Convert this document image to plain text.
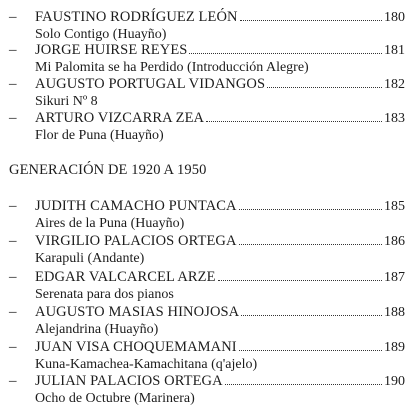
– FAUSTINO RODRÍGUEZ LEÓN	180
Solo Contigo (Huayño)
– JORGE HUIRSE REYES	181
Mi Palomita se ha Perdido (Introducción Alegre)
– AUGUSTO PORTUGAL VIDANGOS	182
Sikuri Nº 8
– ARTURO VIZCARRA ZEA	183
Flor de Puna (Huayño)
GENERACIÓN DE 1920 A 1950
– JUDITH CAMACHO PUNTACA	185
Aires de la Puna (Huayño)
– VIRGILIO PALACIOS ORTEGA	186
Karapuli (Andante)
– EDGAR VALCARCEL ARZE	187
Serenata para dos pianos
– AUGUSTO MASIAS HINOJOSA	188
Alejandrina (Huayño)
– JUAN VISA CHOQUEMAMANI	189
Kuna-Kamachea-Kamachitana (q'ajelo)
– JULIAN PALACIOS ORTEGA	190
Ocho de Octubre (Marinera)
